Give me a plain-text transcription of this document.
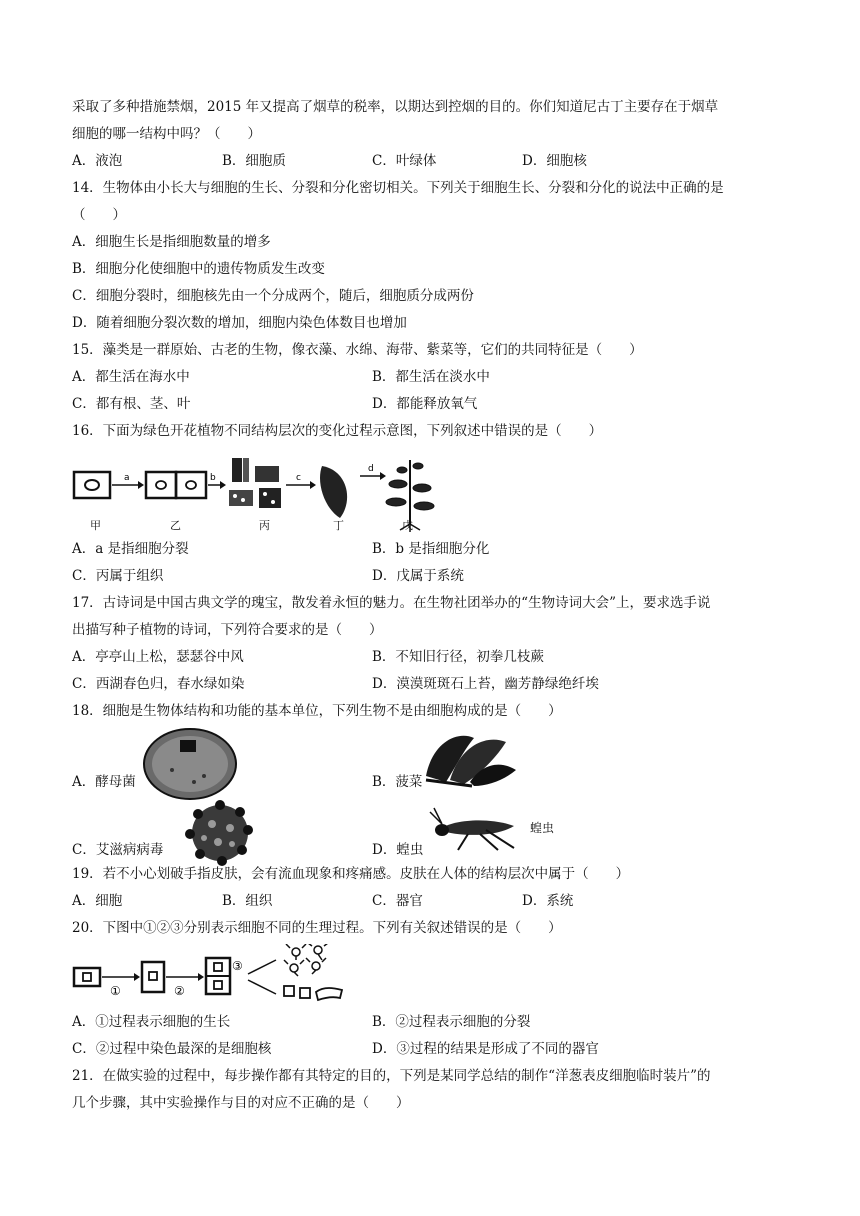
采取了多种措施禁烟，2015 年又提高了烟草的税率，以期达到控烟的目的。你们知道尼古丁主要存在于烟草
细胞的哪一结构中吗？（　　）
A．液泡	B．细胞质	C．叶绿体	D．细胞核
14．生物体由小长大与细胞的生长、分裂和分化密切相关。下列关于细胞生长、分裂和分化的说法中正确的是
（　　）
A．细胞生长是指细胞数量的增多
B．细胞分化使细胞中的遗传物质发生改变
C．细胞分裂时，细胞核先由一个分成两个，随后，细胞质分成两份
D．随着细胞分裂次数的增加，细胞内染色体数目也增加
15．藻类是一群原始、古老的生物，像衣藻、水绵、海带、紫菜等，它们的共同特征是（　　）
A．都生活在海水中	B．都生活在淡水中
C．都有根、茎、叶	D．都能释放氧气
16．下面为绿色开花植物不同结构层次的变化过程示意图，下列叙述中错误的是（　　）
a	b	c
d
甲	乙	丙	丁	戊
A．a 是指细胞分裂	B．b 是指细胞分化
C．丙属于组织	D．戊属于系统
17．古诗词是中国古典文学的瑰宝，散发着永恒的魅力。在生物社团举办的“生物诗词大会”上，要求选手说
出描写种子植物的诗词，下列符合要求的是（　　）
A．亭亭山上松，瑟瑟谷中风	B．不知旧行径，初拳几枝蕨
C．西湖春色归，春水绿如染	D．漠漠斑斑石上苔，幽芳静绿绝纤埃
18．细胞是生物体结构和功能的基本单位，下列生物不是由细胞构成的是（　　）
A．酵母菌	B．菠菜
C．艾滋病病毒
蝗虫
D．蝗虫
19．若不小心划破手指皮肤，会有流血现象和疼痛感。皮肤在人体的结构层次中属于（　　）
A．细胞	B．组织	C．器官	D．系统
20．下图中①②③分别表示细胞不同的生理过程。下列有关叙述错误的是（　　）
①	②
③
A．①过程表示细胞的生长	B．②过程表示细胞的分裂
C．②过程中染色最深的是细胞核	D．③过程的结果是形成了不同的器官
21．在做实验的过程中，每步操作都有其特定的目的，下列是某同学总结的制作“洋葱表皮细胞临时装片”的
几个步骤，其中实验操作与目的对应不正确的是（　　）
